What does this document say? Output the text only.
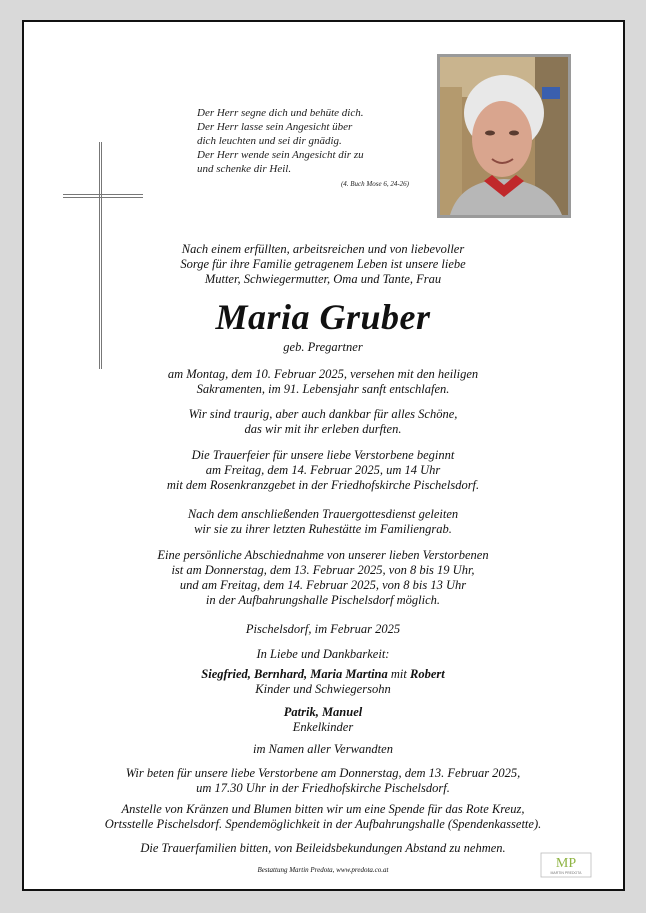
Der Herr segne dich und behüte dich.
Der Herr lasse sein Angesicht über
dich leuchten und sei dir gnädig.
Der Herr wende sein Angesicht dir zu
und schenke dir Heil.
(4. Buch Mose 6, 24-26)
Nach einem erfüllten, arbeitsreichen und von liebevoller
Sorge für ihre Familie getragenem Leben ist unsere liebe
Mutter, Schwiegermutter, Oma und Tante, Frau
Maria Gruber
geb. Pregartner
am Montag, dem 10. Februar 2025, versehen mit den heiligen
Sakramenten, im 91. Lebensjahr sanft entschlafen.
Wir sind traurig, aber auch dankbar für alles Schöne,
das wir mit ihr erleben durften.
Die Trauerfeier für unsere liebe Verstorbene beginnt
am Freitag, dem 14. Februar 2025, um 14 Uhr
mit dem Rosenkranzgebet in der Friedhofskirche Pischelsdorf.
Nach dem anschließenden Trauergottesdienst geleiten
wir sie zu ihrer letzten Ruhestätte im Familiengrab.
Eine persönliche Abschiednahme von unserer lieben Verstorbenen
ist am Donnerstag, dem 13. Februar 2025, von 8 bis 19 Uhr,
und am Freitag, dem 14. Februar 2025, von 8 bis 13 Uhr
in der Aufbahrungshalle Pischelsdorf möglich.
Pischelsdorf, im Februar 2025
In Liebe und Dankbarkeit:
Siegfried, Bernhard, Maria Martina mit Robert
Kinder und Schwiegersohn
Patrik, Manuel
Enkelkinder
im Namen aller Verwandten
Wir beten für unsere liebe Verstorbene am Donnerstag, dem 13. Februar 2025,
um 17.30 Uhr in der Friedhofskirche Pischelsdorf.
Anstelle von Kränzen und Blumen bitten wir um eine Spende für das Rote Kreuz,
Ortsstelle Pischelsdorf. Spendemöglichkeit in der Aufbahrungshalle (Spendenkassette).
Die Trauerfamilien bitten, von Beileidsbekundungen Abstand zu nehmen.
Bestattung Martin Predota, www.predota.co.at	MP
MARTIN PREDOTA
